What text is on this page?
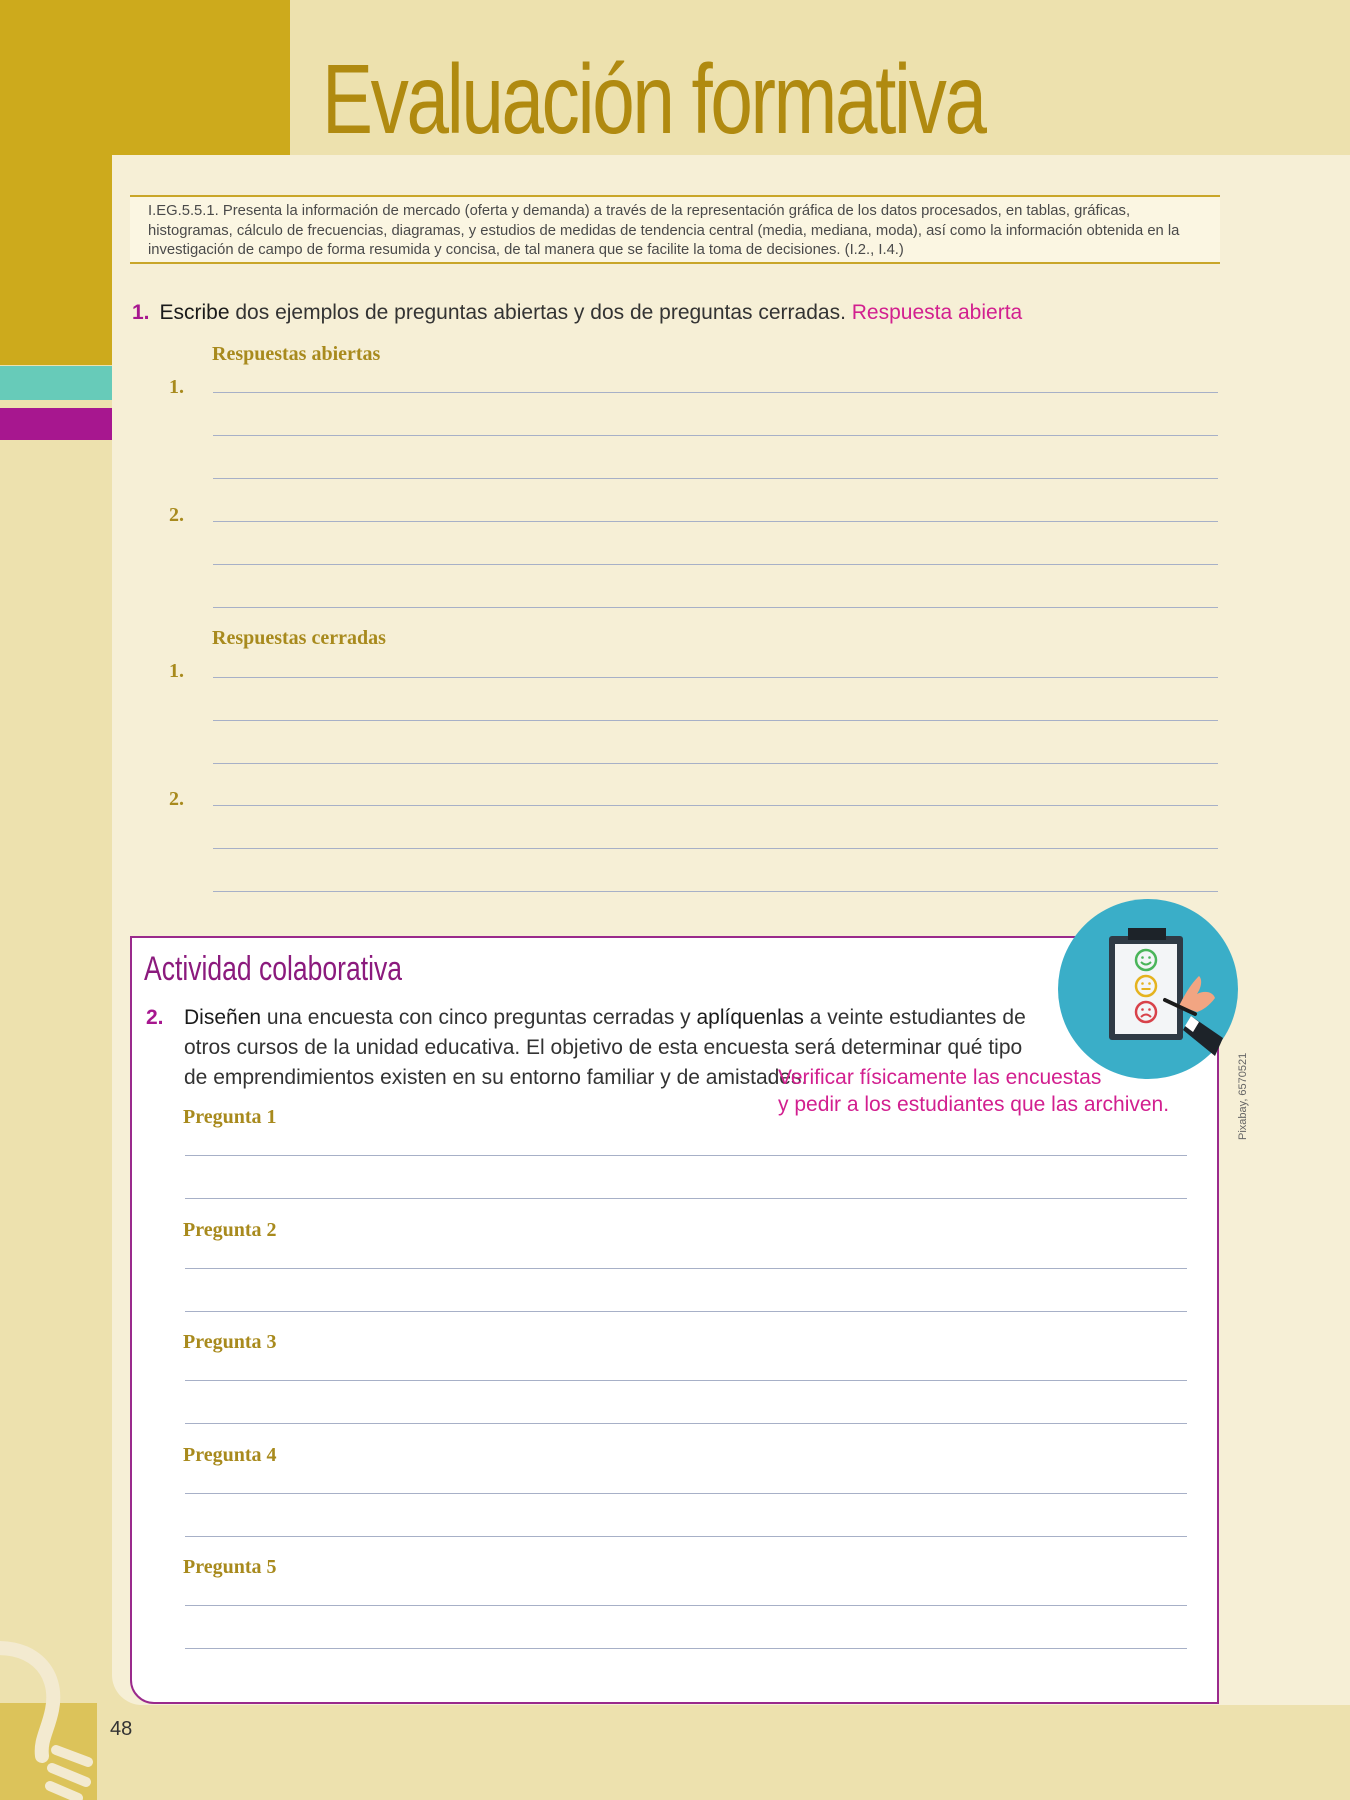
Evaluación formativa
I.EG.5.5.1. Presenta la información de mercado (oferta y demanda) a través de la representación gráfica de los datos procesados, en tablas, gráficas, histogramas, cálculo de frecuencias, diagramas, y estudios de medidas de tendencia central (media, mediana, moda), así como la información obtenida en la investigación de campo de forma resumida y concisa, de tal manera que se facilite la toma de decisiones. (I.2., I.4.)
1. Escribe dos ejemplos de preguntas abiertas y dos de preguntas cerradas. Respuesta abierta
Respuestas abiertas
1.
2.
Respuestas cerradas
1.
2.
Actividad colaborativa
2. Diseñen una encuesta con cinco preguntas cerradas y aplíquenlas a veinte estudiantes de otros cursos de la unidad educativa. El objetivo de esta encuesta será determinar qué tipo de emprendimientos existen en su entorno familiar y de amistades.
Verificar físicamente las encuestas
y pedir a los estudiantes que las archiven.
Pregunta 1
Pregunta 2
Pregunta 3
Pregunta 4
Pregunta 5
Pixabay, 6570521
48
